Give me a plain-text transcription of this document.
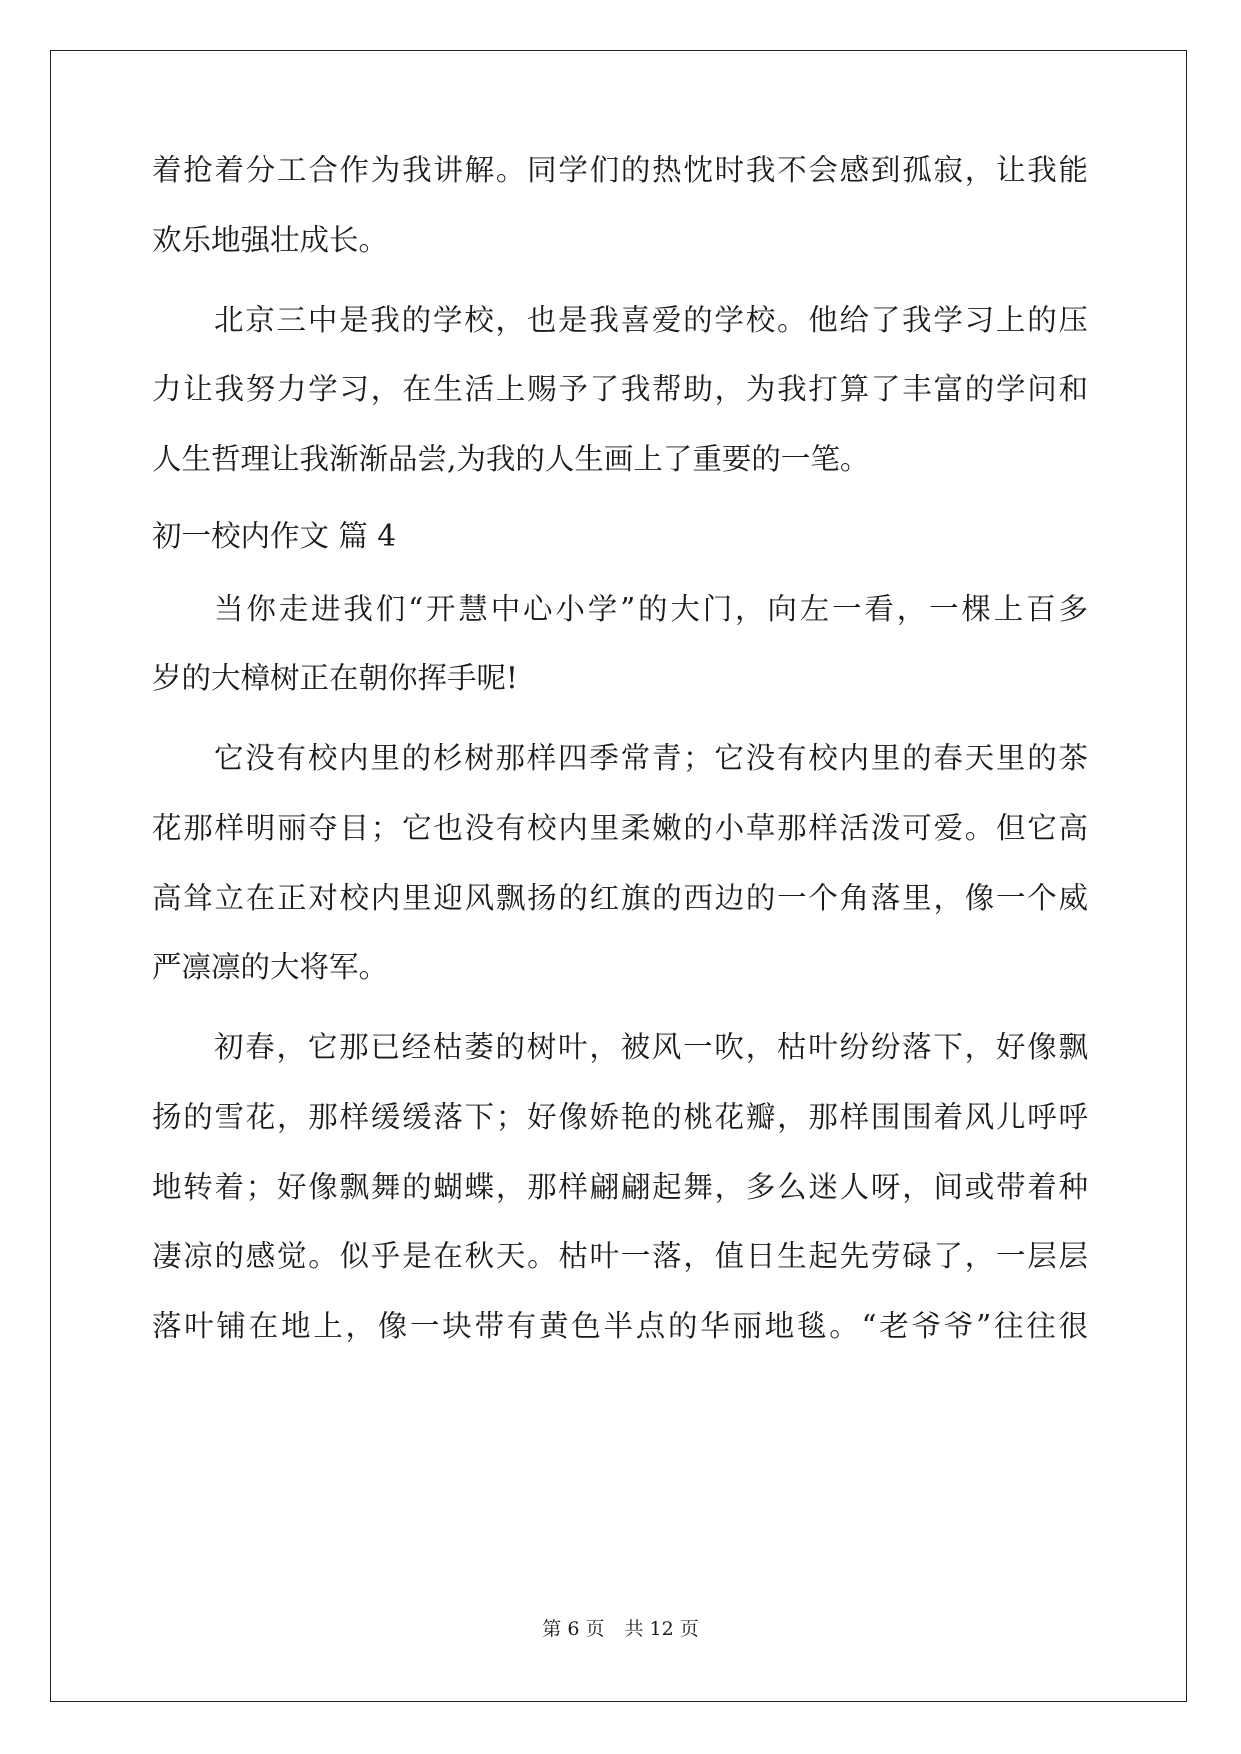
着抢着分工合作为我讲解。同学们的热忱时我不会感到孤寂，让我能
欢乐地强壮成长。
北京三中是我的学校，也是我喜爱的学校。他给了我学习上的压
力让我努力学习，在生活上赐予了我帮助，为我打算了丰富的学问和
人生哲理让我渐渐品尝,为我的人生画上了重要的一笔。
初一校内作文 篇 4
当你走进我们“开慧中心小学”的大门，向左一看，一棵上百多
岁的大樟树正在朝你挥手呢!
它没有校内里的杉树那样四季常青；它没有校内里的春天里的茶
花那样明丽夺目；它也没有校内里柔嫩的小草那样活泼可爱。但它高
高耸立在正对校内里迎风飘扬的红旗的西边的一个角落里，像一个威
严凛凛的大将军。
初春，它那已经枯萎的树叶，被风一吹，枯叶纷纷落下，好像飘
扬的雪花，那样缓缓落下；好像娇艳的桃花瓣，那样围围着风儿呼呼
地转着；好像飘舞的蝴蝶，那样翩翩起舞，多么迷人呀，间或带着种
凄凉的感觉。似乎是在秋天。枯叶一落，值日生起先劳碌了，一层层
落叶铺在地上，像一块带有黄色半点的华丽地毯。“老爷爷”往往很
第 6 页 共 12 页
